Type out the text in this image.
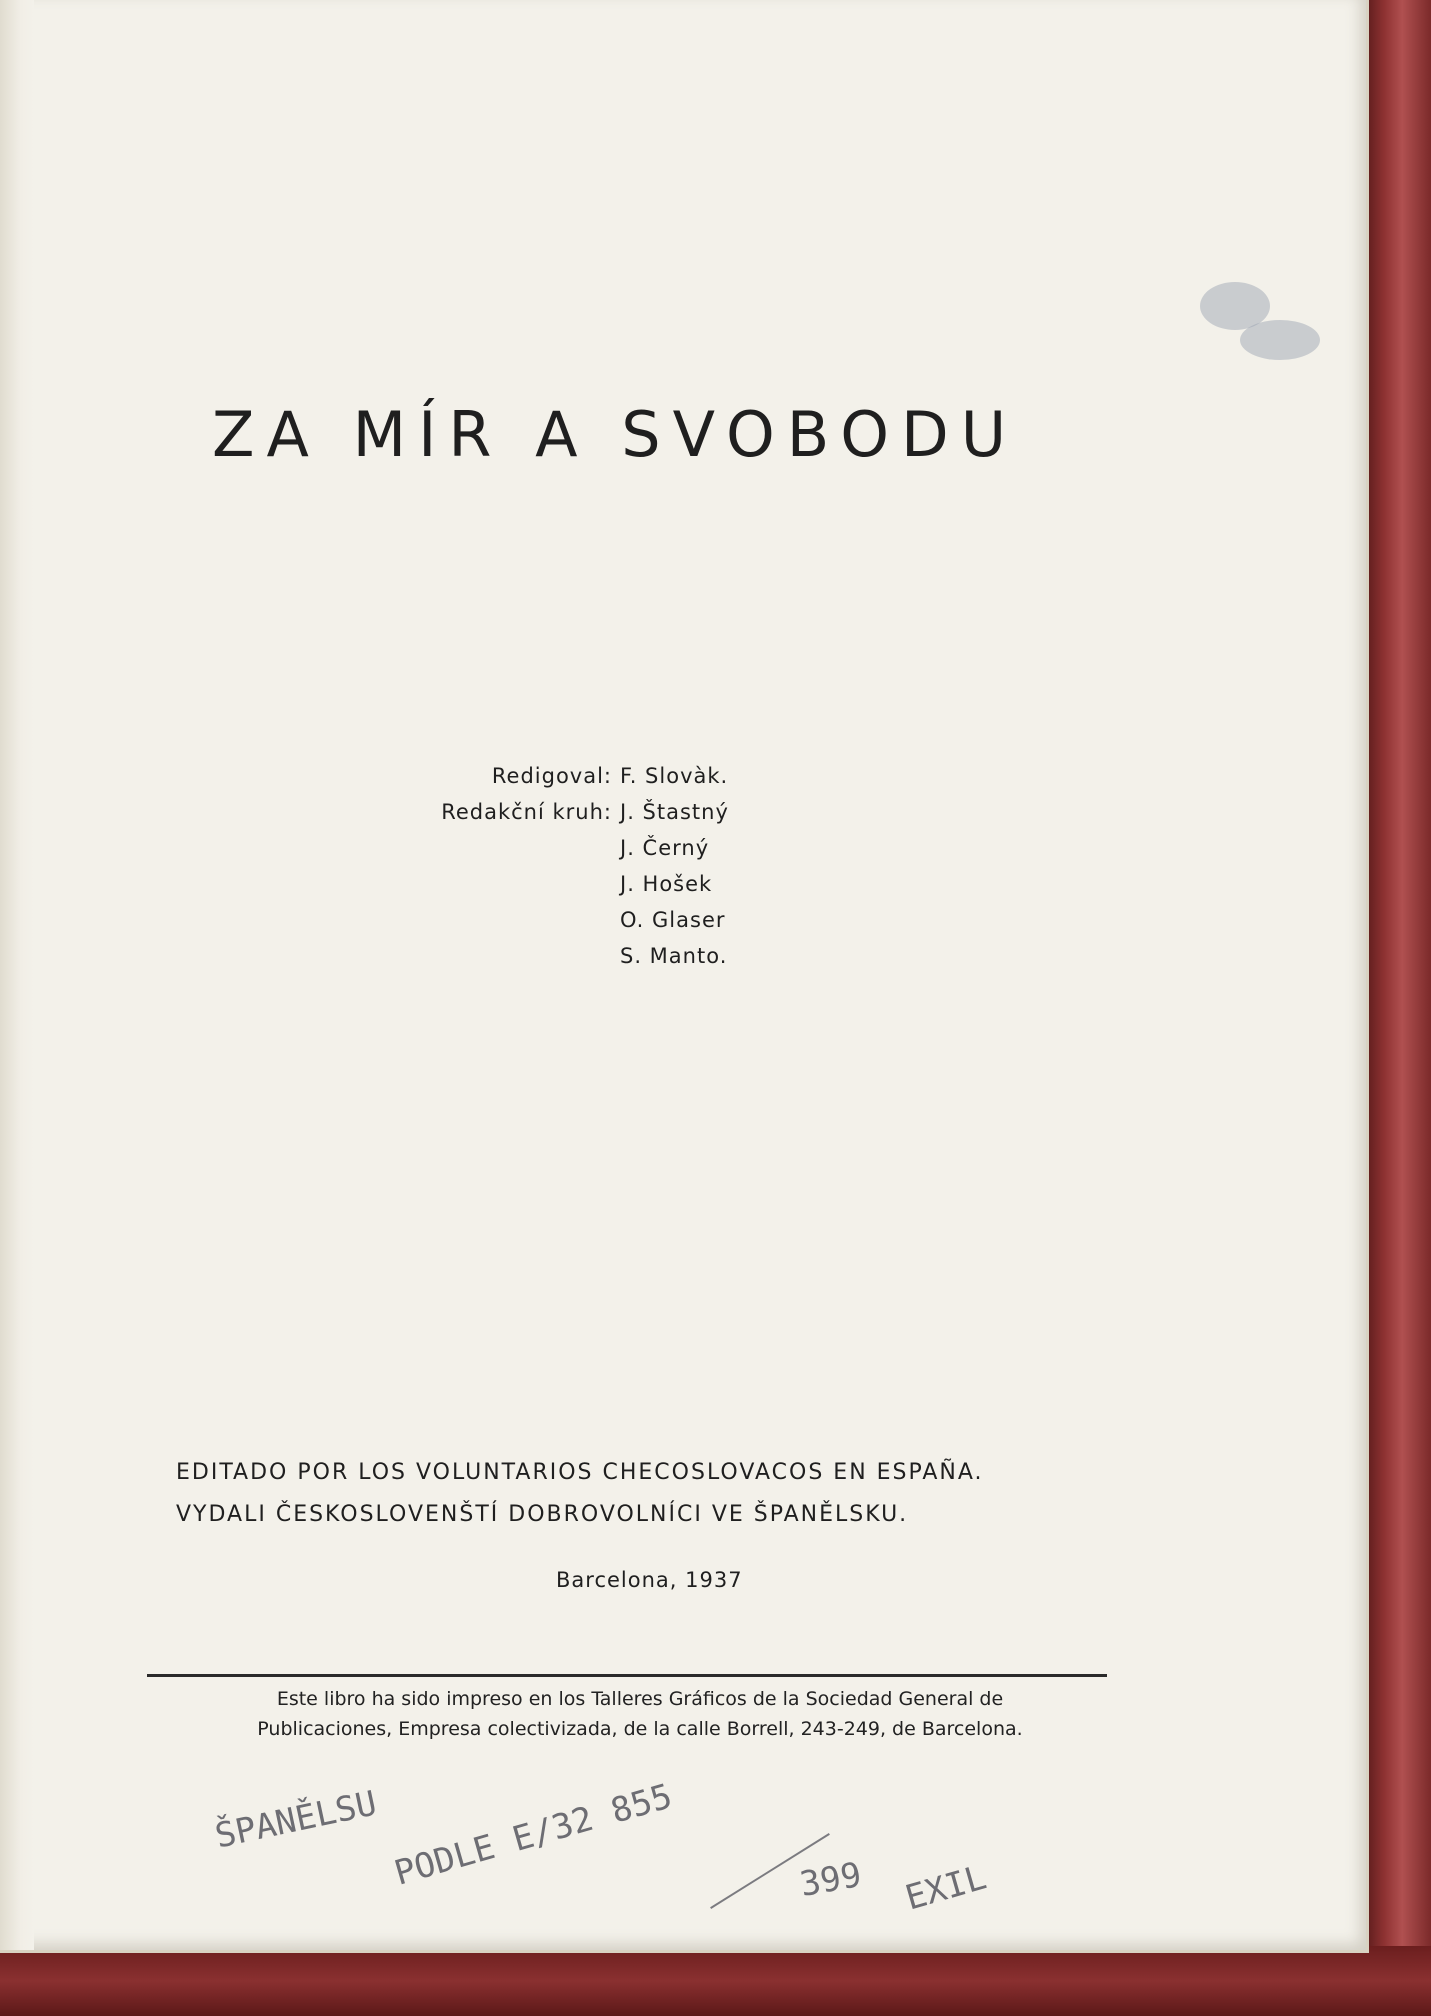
ZA MÍR A SVOBODU
Redigoval: F. Slovàk.
Redakční kruh: J. Štastný
J. Černý
J. Hošek
O. Glaser
S. Manto.
EDITADO POR LOS VOLUNTARIOS CHECOSLOVACOS EN ESPAÑA.
VYDALI ČESKOSLOVENŠTÍ DOBROVOLNÍCI VE ŠPANĚLSKU.
Barcelona, 1937
Este libro ha sido impreso en los Talleres Gráficos de la Sociedad General de
Publicaciones, Empresa colectivizada, de la calle Borrell, 243-249, de Barcelona.
ŠPANĚLSU PODLE E/32 855	399 EXIL
